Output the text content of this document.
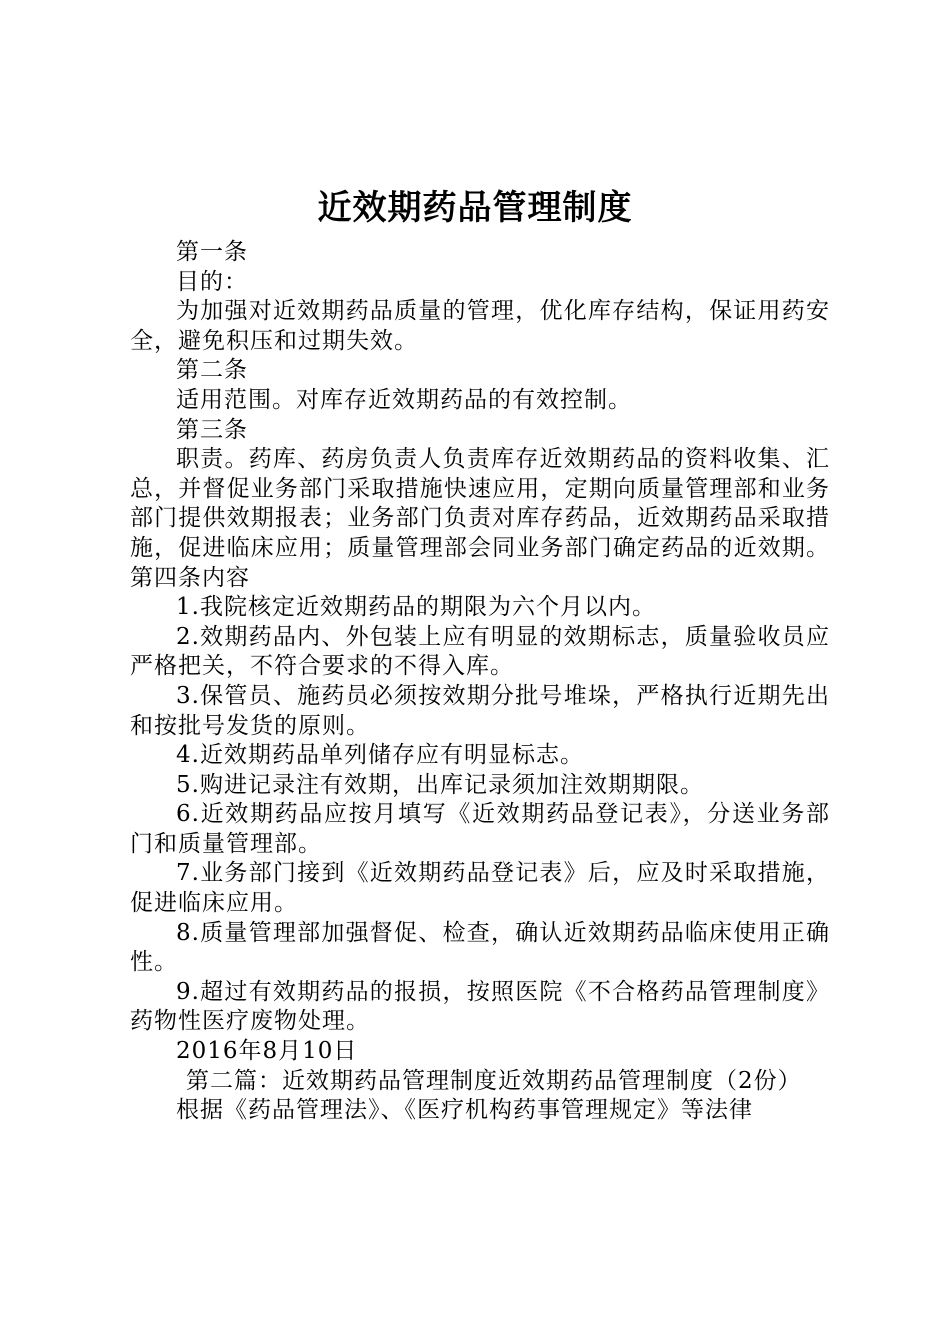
近效期药品管理制度

第一条

目的：

为加强对近效期药品质量的管理，优化库存结构，保证用药安全，避免积压和过期失效。

第二条

适用范围。对库存近效期药品的有效控制。

第三条

职责。药库、药房负责人负责库存近效期药品的资料收集、汇总，并督促业务部门采取措施快速应用，定期向质量管理部和业务部门提供效期报表；业务部门负责对库存药品，近效期药品采取措施，促进临床应用；质量管理部会同业务部门确定药品的近效期。第四条内容

1.我院核定近效期药品的期限为六个月以内。

2.效期药品内、外包装上应有明显的效期标志，质量验收员应严格把关，不符合要求的不得入库。

3.保管员、施药员必须按效期分批号堆垛，严格执行近期先出和按批号发货的原则。

4.近效期药品单列储存应有明显标志。

5.购进记录注有效期，出库记录须加注效期期限。

6.近效期药品应按月填写《近效期药品登记表》，分送业务部门和质量管理部。

7.业务部门接到《近效期药品登记表》后，应及时采取措施，促进临床应用。

8.质量管理部加强督促、检查，确认近效期药品临床使用正确性。

9.超过有效期药品的报损，按照医院《不合格药品管理制度》药物性医疗废物处理。

2016年8月10日

第二篇：近效期药品管理制度近效期药品管理制度（2份）

根据《药品管理法》、《医疗机构药事管理规定》等法律
